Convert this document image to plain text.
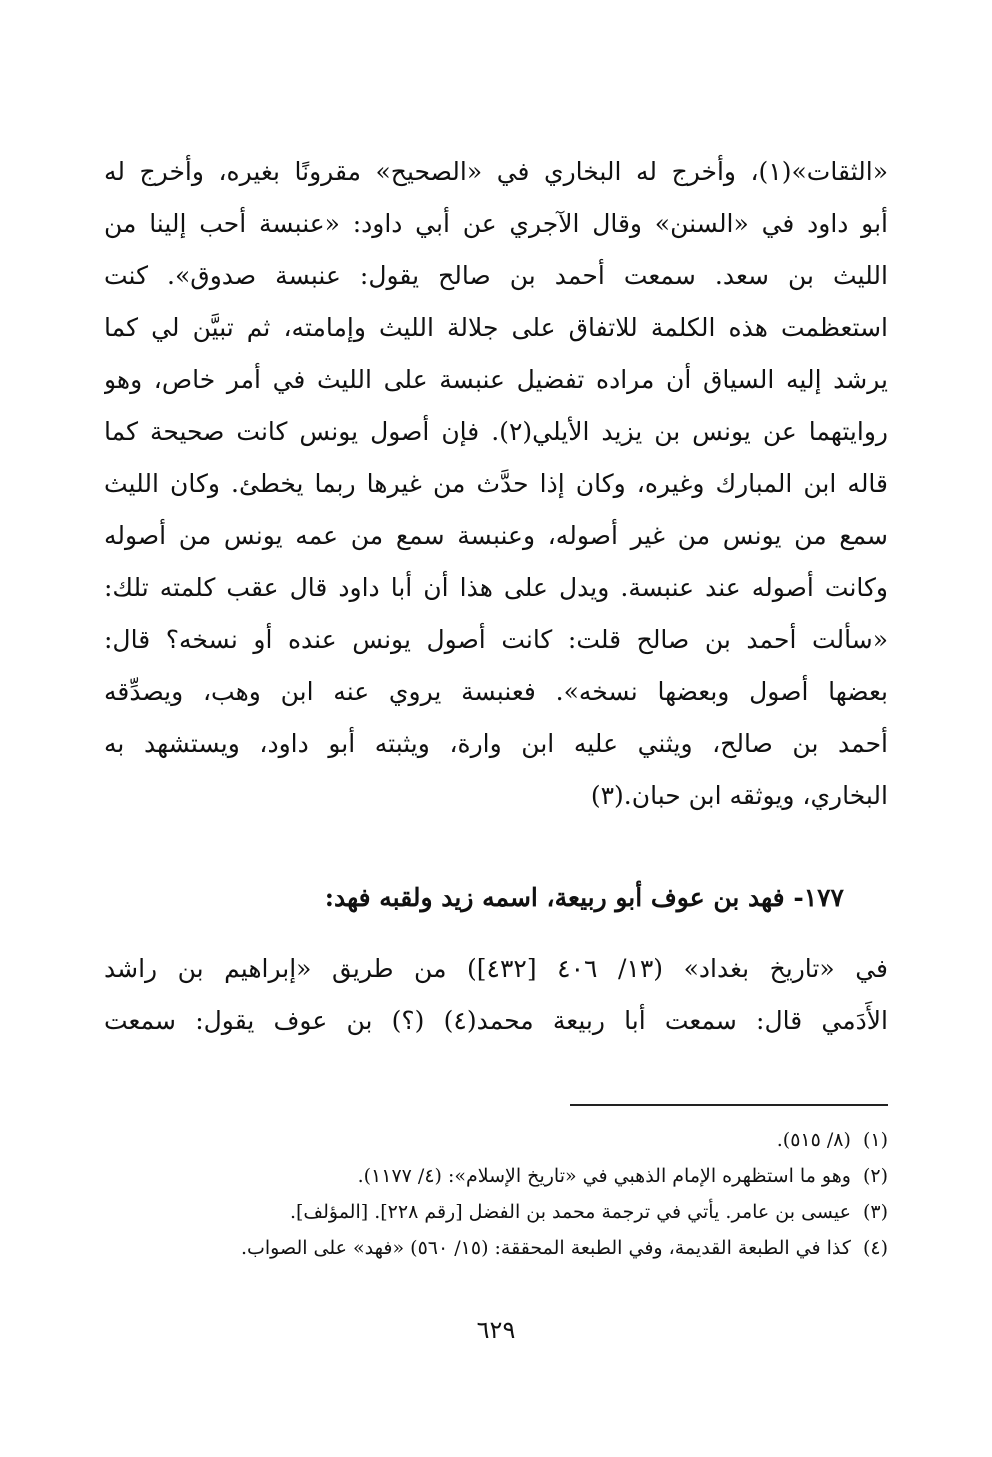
«الثقات»(١)، وأخرج له البخاري في «الصحيح» مقرونًا بغيره، وأخرج له
أبو داود في «السنن» وقال الآجري عن أبي داود: «عنبسة أحب إلينا من
الليث بن سعد. سمعت أحمد بن صالح يقول: عنبسة صدوق». كنت
استعظمت هذه الكلمة للاتفاق على جلالة الليث وإمامته، ثم تبيَّن لي كما
يرشد إليه السياق أن مراده تفضيل عنبسة على الليث في أمر خاص، وهو
روايتهما عن يونس بن يزيد الأيلي(٢). فإن أصول يونس كانت صحيحة كما
قاله ابن المبارك وغيره، وكان إذا حدَّث من غيرها ربما يخطئ. وكان الليث
سمع من يونس من غير أصوله، وعنبسة سمع من عمه يونس من أصوله
وكانت أصوله عند عنبسة. ويدل على هذا أن أبا داود قال عقب كلمته تلك:
«سألت أحمد بن صالح قلت: كانت أصول يونس عنده أو نسخه؟ قال:
بعضها أصول وبعضها نسخه». فعنبسة يروي عنه ابن وهب، ويصدِّقه
أحمد بن صالح، ويثني عليه ابن وارة، ويثبته أبو داود، ويستشهد به
البخاري، ويوثقه ابن حبان.(٣)
١٧٧- فهد بن عوف أبو ربيعة، اسمه زيد ولقبه فهد:
في «تاريخ بغداد» (١٣/ ٤٠٦ [٤٣٢]) من طريق «إبراهيم بن راشد
الأَدَمي قال: سمعت أبا ربيعة محمد(٤) (؟) بن عوف يقول: سمعت
(١)(٨/ ٥١٥).
(٢)وهو ما استظهره الإمام الذهبي في «تاريخ الإسلام»: (٤/ ١١٧٧).
(٣)عيسى بن عامر. يأتي في ترجمة محمد بن الفضل [رقم ٢٢٨]. [المؤلف].
(٤)كذا في الطبعة القديمة، وفي الطبعة المحققة: (١٥/ ٥٦٠) «فهد» على الصواب.
٦٢٩
